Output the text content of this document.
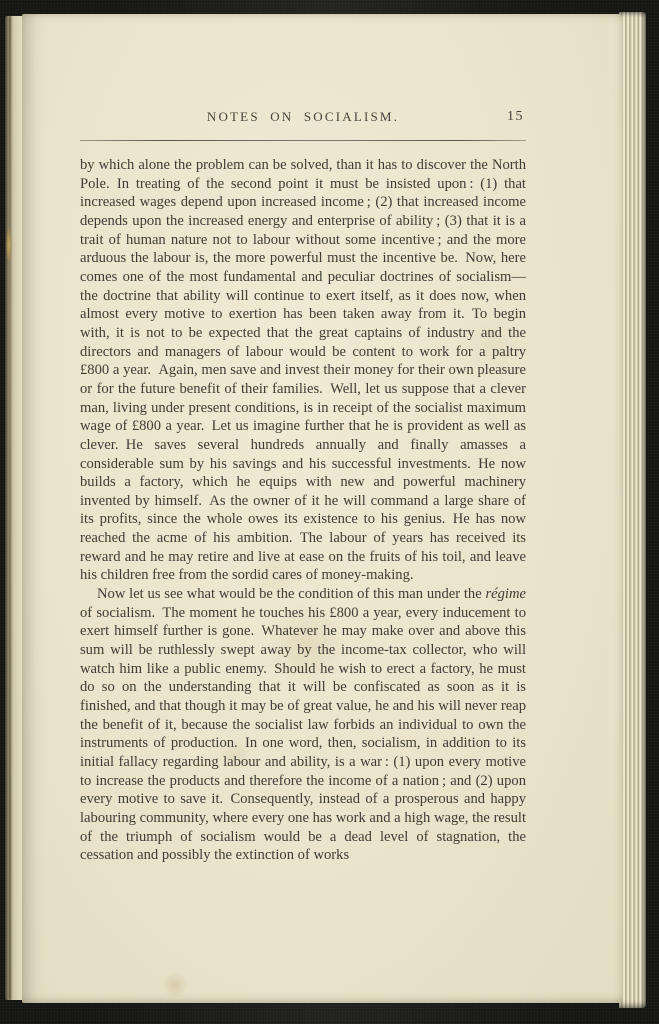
NOTES ON SOCIALISM.	15

by which alone the problem can be solved, than it has to discover the North Pole. In treating of the second point it must be insisted upon : (1) that increased wages depend upon increased income ; (2) that increased income depends upon the increased energy and enterprise of ability ; (3) that it is a trait of human nature not to labour without some incentive ; and the more arduous the labour is, the more powerful must the incentive be. Now, here comes one of the most fundamental and peculiar doctrines of socialism—the doctrine that ability will continue to exert itself, as it does now, when almost every motive to exertion has been taken away from it. To begin with, it is not to be expected that the great captains of industry and the directors and managers of labour would be content to work for a paltry £800 a year. Again, men save and invest their money for their own pleasure or for the future benefit of their families. Well, let us suppose that a clever man, living under present conditions, is in receipt of the socialist maximum wage of £800 a year. Let us imagine further that he is provident as well as clever. He saves several hundreds annually and finally amasses a considerable sum by his savings and his successful investments. He now builds a factory, which he equips with new and powerful machinery invented by himself. As the owner of it he will command a large share of its profits, since the whole owes its existence to his genius. He has now reached the acme of his ambition. The labour of years has received its reward and he may retire and live at ease on the fruits of his toil, and leave his children free from the sordid cares of money-making.

Now let us see what would be the condition of this man under the régime of socialism. The moment he touches his £800 a year, every inducement to exert himself further is gone. Whatever he may make over and above this sum will be ruthlessly swept away by the income-tax collector, who will watch him like a public enemy. Should he wish to erect a factory, he must do so on the understanding that it will be confiscated as soon as it is finished, and that though it may be of great value, he and his will never reap the benefit of it, because the socialist law forbids an individual to own the instruments of production. In one word, then, socialism, in addition to its initial fallacy regarding labour and ability, is a war : (1) upon every motive to increase the products and therefore the income of a nation ; and (2) upon every motive to save it. Consequently, instead of a prosperous and happy labouring community, where every one has work and a high wage, the result of the triumph of socialism would be a dead level of stagnation, the cessation and possibly the extinction of works
